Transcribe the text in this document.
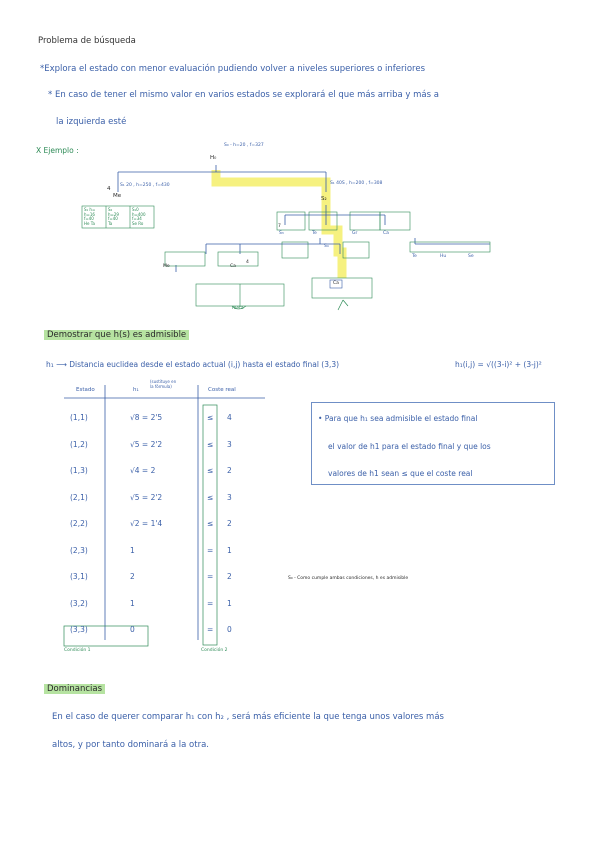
Problema de búsqueda
*Explora el estado con menor evaluación pudiendo volver a niveles superiores o inferiores
* En caso de tener el mismo valor en varios estados se explorará el que más arriba y más a
la izquierda esté
X Ejemplo :
S₀ - h=20 , f=327
H₀
S₁ 20 , h=250 , f=430
4
Me
S₁ 40S , h=200 , f=308
S₂
S₁ h=
h=16
f=40
He Ta
S₂
h=29
f=40
Ta
S₁0
h=400
f=34
Se Ro
7
S₃	Te	Gr	Ca
S₄
Me	Ca
4
Ca
meta
Te	Hu	Se
Demostrar que h(s) es admisible
h₁ ⟶ Distancia euclidea desde el estado actual (i,j) hasta el estado final (3,3)	h₁(i,j) = √((3-i)² + (3-j)²
Estado	h₁
(sustituye en
la fórmula)
Coste real
(1,1)	√8 = 2'5	≤ 4
(1,2)	√5 = 2'2	≤ 3
(1,3)	√4 = 2	≤ 2
(2,1)	√5 = 2'2	≤ 3
(2,2)	√2 = 1'4	≤ 2
(2,3)	1	= 1
(3,1)	2	= 2
(3,2)	1	= 1
(3,3)	0	= 0
Condición 1	Condición 2
• Para que h₁ sea admisible el estado final
el valor de h1 para el estado final y que los
valores de h1 sean ≤ que el coste real
S₀ - Como cumple ambas condiciones, h es admisible
Dominancias
En el caso de querer comparar h₁ con h₂ , será más eficiente la que tenga unos valores más
altos, y por tanto dominará a la otra.
